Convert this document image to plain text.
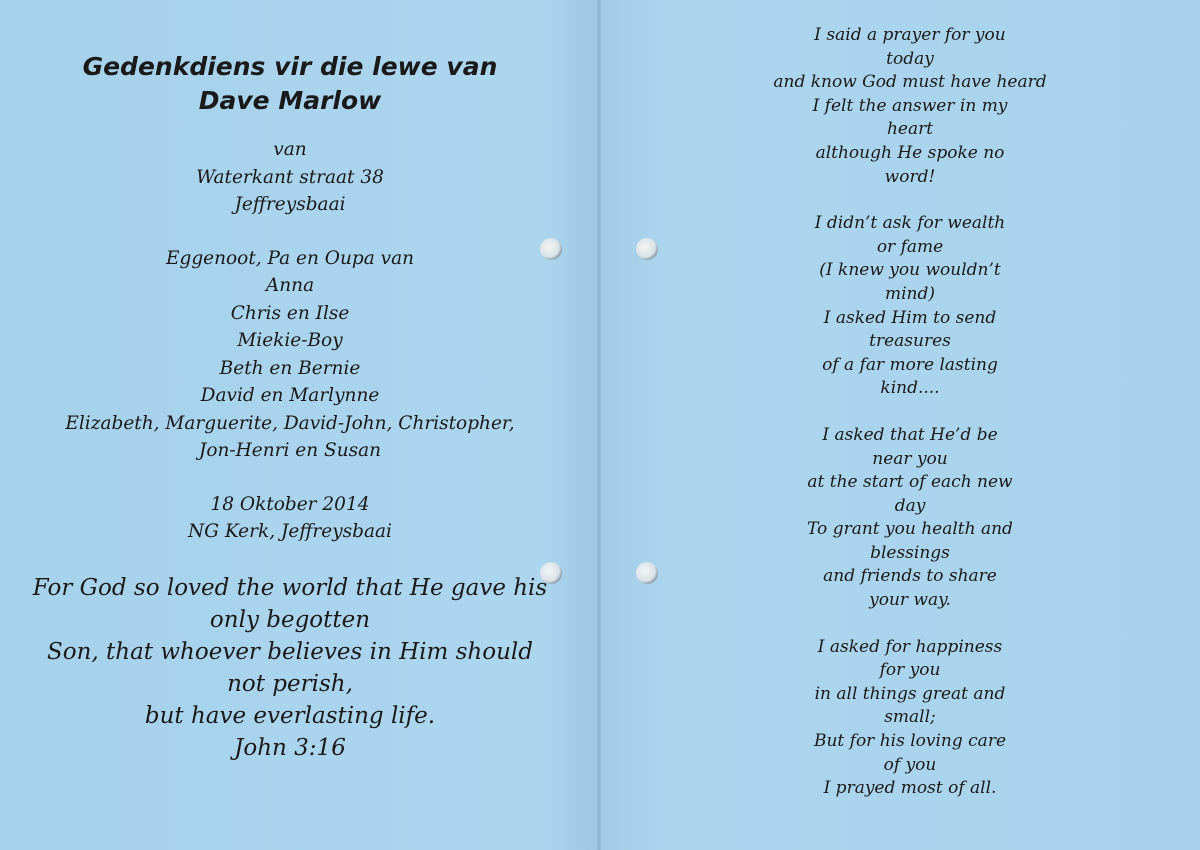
Gedenkdiens vir die lewe van
Dave Marlow
van
Waterkant straat 38
Jeffreysbaai
Eggenoot, Pa en Oupa van
Anna
Chris en Ilse
Miekie-Boy
Beth en Bernie
David en Marlynne
Elizabeth, Marguerite, David-John, Christopher,
Jon-Henri en Susan
18 Oktober 2014
NG Kerk, Jeffreysbaai
For God so loved the world that He gave his
only begotten
Son, that whoever believes in Him should
not perish,
but have everlasting life.
John 3:16
I said a prayer for you
today
and know God must have heard
I felt the answer in my
heart
although He spoke no
word!
I didn’t ask for wealth
or fame
(I knew you wouldn’t
mind)
I asked Him to send
treasures
of a far more lasting
kind....
I asked that He’d be
near you
at the start of each new
day
To grant you health and
blessings
and friends to share
your way.
I asked for happiness
for you
in all things great and
small;
But for his loving care
of you
I prayed most of all.
